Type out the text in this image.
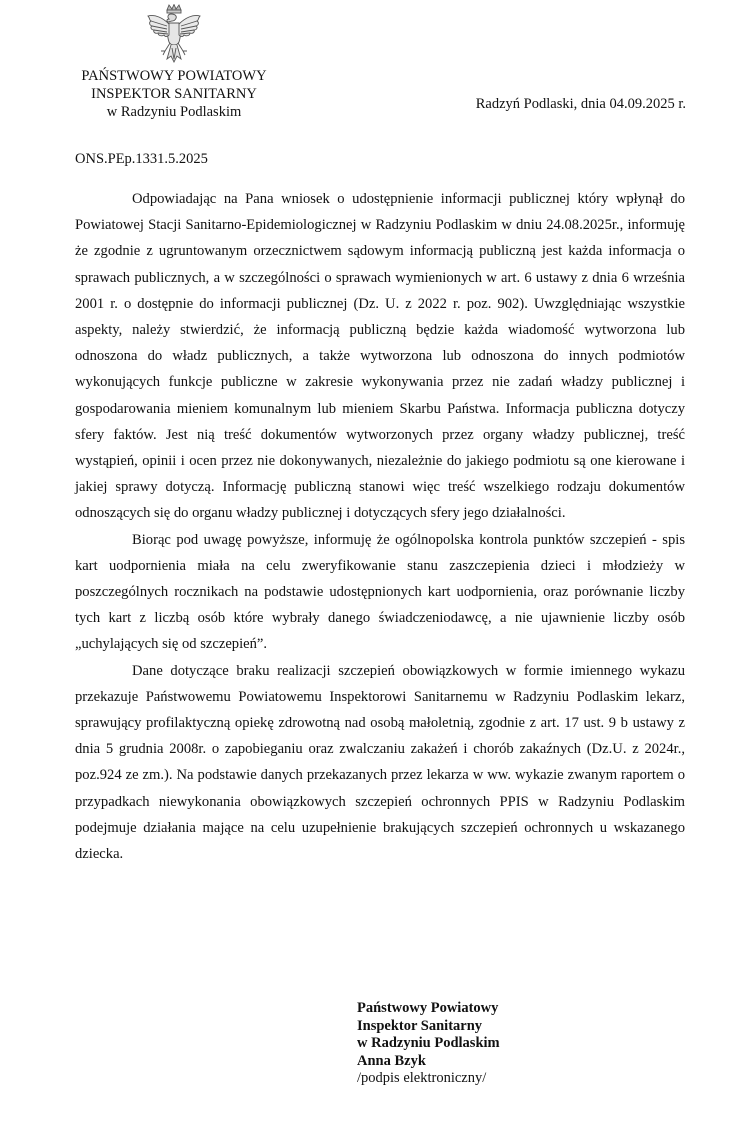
PAŃSTWOWY POWIATOWY
INSPEKTOR SANITARNY
w Radzyniu Podlaskim	Radzyń Podlaski, dnia 04.09.2025 r.
ONS.PEp.1331.5.2025

Odpowiadając na Pana wniosek o udostępnienie informacji publicznej który wpłynął do Powiatowej Stacji Sanitarno-Epidemiologicznej w Radzyniu Podlaskim w dniu 24.08.2025r., informuję że zgodnie z ugruntowanym orzecznictwem sądowym informacją publiczną jest każda informacja o sprawach publicznych, a w szczególności o sprawach wymienionych w art. 6 ustawy z dnia 6 września 2001 r. o dostępnie do informacji publicznej (Dz. U. z 2022 r. poz. 902). Uwzględniając wszystkie aspekty, należy stwierdzić, że informacją publiczną będzie każda wiadomość wytworzona lub odnoszona do władz publicznych, a także wytworzona lub odnoszona do innych podmiotów wykonujących funkcje publiczne w zakresie wykonywania przez nie zadań władzy publicznej i gospodarowania mieniem komunalnym lub mieniem Skarbu Państwa. Informacja publiczna dotyczy sfery faktów. Jest nią treść dokumentów wytworzonych przez organy władzy publicznej, treść wystąpień, opinii i ocen przez nie dokonywanych, niezależnie do jakiego podmiotu są one kierowane i jakiej sprawy dotyczą. Informację publiczną stanowi więc treść wszelkiego rodzaju dokumentów odnoszących się do organu władzy publicznej i dotyczących sfery jego działalności.

Biorąc pod uwagę powyższe, informuję że ogólnopolska kontrola punktów szczepień - spis kart uodpornienia miała na celu zweryfikowanie stanu zaszczepienia dzieci i młodzieży w poszczególnych rocznikach na podstawie udostępnionych kart uodpornienia, oraz porównanie liczby tych kart z liczbą osób które wybrały danego świadczeniodawcę, a nie ujawnienie liczby osób „uchylających się od szczepień”.

Dane dotyczące braku realizacji szczepień obowiązkowych w formie imiennego wykazu przekazuje Państwowemu Powiatowemu Inspektorowi Sanitarnemu w Radzyniu Podlaskim lekarz, sprawujący profilaktyczną opiekę zdrowotną nad osobą małoletnią, zgodnie z art. 17 ust. 9 b ustawy z dnia 5 grudnia 2008r. o zapobieganiu oraz zwalczaniu zakażeń i chorób zakaźnych (Dz.U. z 2024r., poz.924 ze zm.). Na podstawie danych przekazanych przez lekarza w ww. wykazie zwanym raportem o przypadkach niewykonania obowiązkowych szczepień ochronnych PPIS w Radzyniu Podlaskim podejmuje działania mające na celu uzupełnienie brakujących szczepień ochronnych u wskazanego dziecka.

Państwowy Powiatowy
Inspektor Sanitarny
w Radzyniu Podlaskim
Anna Bzyk
/podpis elektroniczny/
